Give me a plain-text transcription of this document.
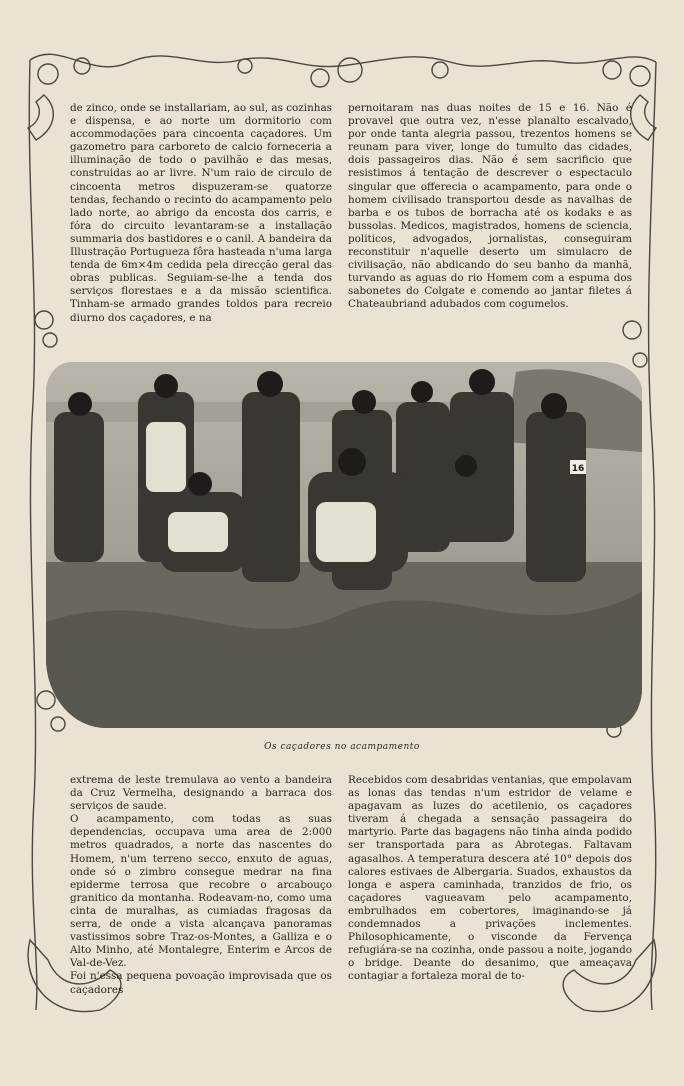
de zinco, onde se installariam, ao sul, as cozinhas e dispensa, e ao norte um dormitorio com accommodações para cincoenta caçadores. Um gazometro para carboreto de calcio forneceria a illuminação de todo o pavilhão e das mesas, construidas ao ar livre. N'um raio de circulo de cincoenta metros dispuzeram-se quatorze tendas, fechando o recinto do acampamento pelo lado norte, ao abrigo da encosta dos carris, e fóra do circuito levantaram-se a installação summaria dos bastidores e o canil. A bandeira da Illustração Portugueza fôra hasteada n'uma larga tenda de 6m×4m cedida pela direcção geral das obras publicas. Seguiam-se-lhe a tenda dos serviços florestaes e a da missão scientifica. Tinham-se armado grandes toldos para recreio diurno dos caçadores, e na

pernoitaram nas duas noites de 15 e 16. Não é provavel que outra vez, n'esse planalto escalvado, por onde tanta alegria passou, trezentos homens se reunam para viver, longe do tumulto das cidades, dois passageiros dias. Não é sem sacrificio que resistimos á tentação de descrever o espectaculo singular que offerecia o acampamento, para onde o homem civilisado transportou desde as navalhas de barba e os tubos de borracha até os kodaks e as bussolas. Medicos, magistrados, homens de sciencia, politicos, advogados, jornalistas, conseguiram reconstituir n'aquelle deserto um simulacro de civilisação, não abdicando do seu banho da manhã, turvando as aguas do rio Homem com a espuma dos sabonetes do Colgate e comendo ao jantar filetes á Chateaubriand adubados com cogumelos.

16
Os caçadores no acampamento

extrema de leste tremulava ao vento a bandeira da Cruz Vermelha, designando a barraca dos serviços de saude.

O acampamento, com todas as suas dependencias, occupava uma area de 2:000 metros quadrados, a norte das nascentes do Homem, n'um terreno secco, enxuto de aguas, onde só o zimbro consegue medrar na fina epiderme terrosa que recobre o arcabouço granitico da montanha. Rodeavam-no, como uma cinta de muralhas, as cumiadas fragosas da serra, de onde a vista alcançava panoramas vastissimos sobre Traz-os-Montes, a Galliza e o Alto Minho, até Montalegre, Enterim e Arcos de Val-de-Vez.

Foi n'essa pequena povoação improvisada que os caçadores

Recebidos com desabridas ventanias, que empolavam as lonas das tendas n'um estridor de velame e apagavam as luzes do acetilenio, os caçadores tiveram á chegada a sensação passageira do martyrio. Parte das bagagens não tinha ainda podido ser transportada para as Abrotegas. Faltavam agasalhos. A temperatura descera até 10° depois dos calores estivaes de Albergaria. Suados, exhaustos da longa e aspera caminhada, tranzidos de frio, os caçadores vagueavam pelo acampamento, embrulhados em cobertores, imaginando-se já condemnados a privações inclementes. Philosophicamente, o visconde da Fervença refugiára-se na cozinha, onde passou a noite, jogando o bridge. Deante do desanimo, que ameaçava contagiar a fortaleza moral de to-
